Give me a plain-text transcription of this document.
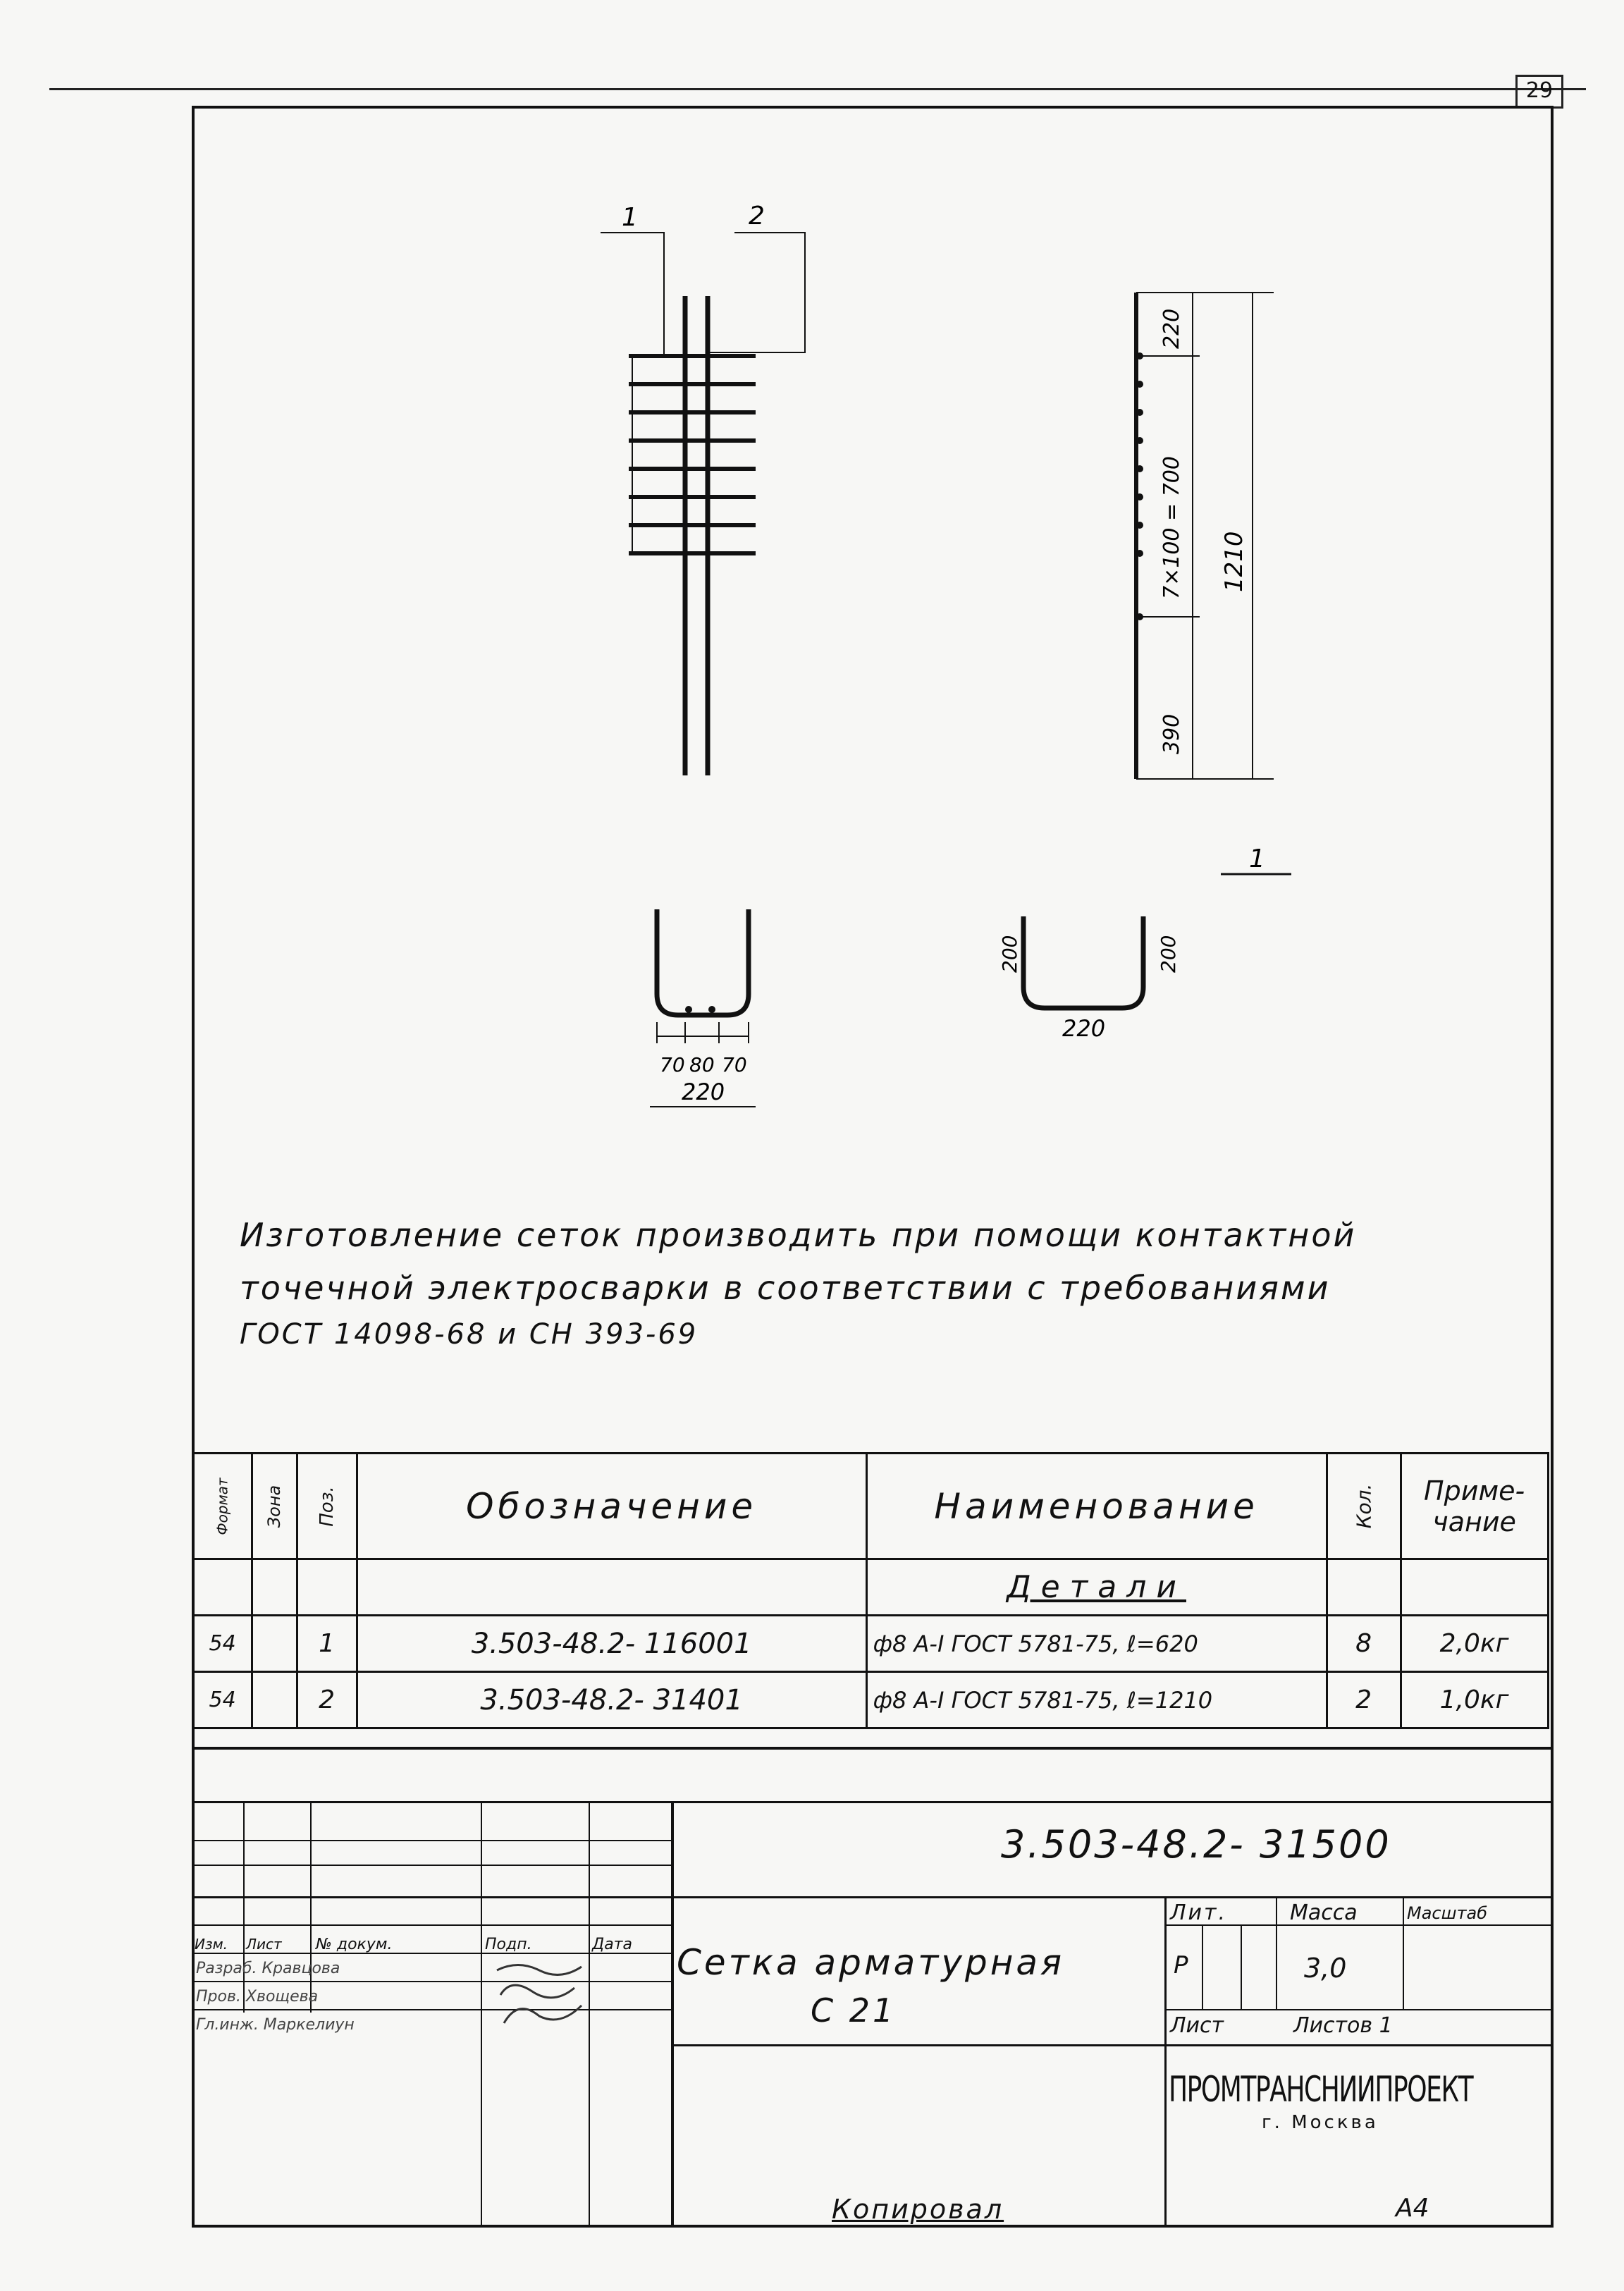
29
1	2
220
7×100 = 700 1210
390
70 80 70
220
1
200	200
220
Изготовление сеток производить при помощи контактной
точечной электросварки в соответствии с требованиями
ГОСТ 14098-68 и СН 393-69
Формат	Зона	Поз.	Обозначение	Наименование	Кол.	Приме-чание
				Детали		
54		1	3.503-48.2- 116001	ф8 А-I ГОСТ 5781-75, ℓ=620	8	2,0кг
54		2	3.503-48.2- 31401	ф8 А-I ГОСТ 5781-75, ℓ=1210	2	1,0кг
3.503-48.2- 31500
Изм. Лист № докум.	Подп.	Дата
Разраб. Кравцова
Пров. Хвощева
Гл.инж. Маркелиун
Сетка арматурная
С 21
Лит.	Масса	Масштаб
Р	3,0
Лист	Листов 1
ПРОМТРАНСНИИПРОЕКТ
г. Москва
Копировал	А4
